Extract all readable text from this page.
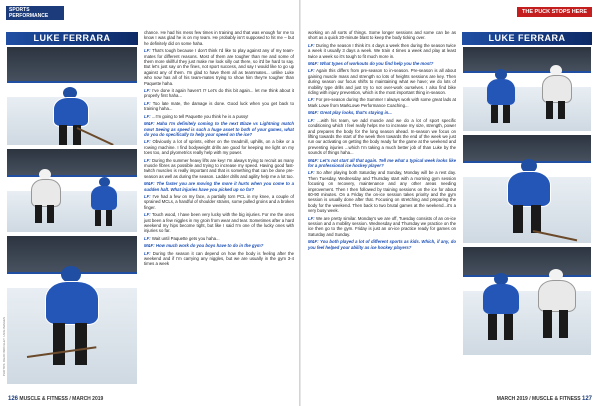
SPORTS PERFORMANCE
LUKE FERRARA

chance. He had his mess few times in training and that was enough for me to know I was glad he is on my team. He probably isn't supposed to hit me – but he definitely did on some haha.

LF: That's tough because I don't think I'd like to play against any of my team-mates for different reasons. Most of them are tougher than me and some of them more skillful they just make me look silly out there, so it'd be hard to say. But let's just say on the fines, not sport success, and say I would like to go up against any of them. I'm glad to have them all as teammates... unlike Luke who now has all of his team-mates trying to show him they're tougher than Paquette haha.

LF: I've done it again haven't I? Let's do this bit again... let me think about it properly first haha...

LF: Too late mate, the damage is done. Good luck when you get back to training haha...

LF: ...I'm going to tell Paquette you think he is a pussy!

M&F: Haha I'm definitely coming to the next Blaze vs Lightning match now! Seeing as speed is such a huge asset to both of your games, what do you do specifically to help your speed on the ice?

LF: Obviously a lot of sprints, either on the treadmill, uphills, on a bike or a rowing machine. I find bodyweight drills are good for keeping me light on my toes too, and plyometrics really help with my power.

LF: During the summer heavy lifts are key! I'm always trying to recruit as many muscle fibres as possible and trying to increase my speed. Having good fast-twitch muscles is really important and that is something that can be done pre-season as well as during the season. Ladder drills and agility help me a lot too.

M&F: The faster you are moving the more it hurts when you come to a sudden halt. What injuries have you picked up so far?

LF: I've had a few on my face, a partially torn PCL in my knee, a couple of sprained MCLs, a handful of shoulder strains, some pulled groins and a broken finger.

LF: Touch wood, I have been very lucky with the big injuries. For me the ones just been a few niggles in my groin from wear and tear. Sometimes after a hard weekend my hips become tight, but like I said I'm one of the lucky ones with injuries so far.

LF: Wait until Paquette gets you haha...

M&F: How much work do you boys have to do in the gym?

LF: During the season it can depend on how the body is feeling after the weekend and if I'm carrying any niggles, but we are usually in the gym 3-4 times a week

PHOTOS: DEAN WOOLLEY / ACE IMAGES
126 MUSCLE & FITNESS / MARCH 2019
THE PUCK STOPS HERE

working on all sorts of things. Some longer sessions and some can be as short as a quick 20-minute blast to keep the body ticking over.

LF: During the season I think it's 4 days a week then during the season twice a week it usually 3 days a week. We train 4 times a week and play at least twice a week so it's tough to fit much more in.

M&F: What types of workouts do you find help you the most?

LF: Again this differs from pre-season to in-season. Pre-season is all about gaining muscle mass and strength so lots of heights sessions are key. Then during season our focus shifts to maintaining what we have; we do lots of mobility type drills and just try to not over-work ourselves. I also find bike riding with injury prevention, which is the most important thing in-season.

LF: For pre-season during the Summer I always work with some great lads at Mark Lowe from MarkLowe Performance Coaching...

M&F: Great play looks, that's staying in...

LF: ...with his team, we add muscle and we do a lot of sport specific conditioning which I feel really helps me to increase my size, strength, power and prepares the body for the long season ahead. In-season we focus on lifting towards the start of the week then towards the end of the week we just run our activating on getting the body ready for the game at the weekend and preventing injuries ...which I'm taking a much better job of than Luke by the sounds of things haha...

M&F: Let's not start all that again. Tell me what a typical week looks like for a professional ice hockey player?

LF: So after playing both Saturday and Sunday, Monday will be a rest day. Then Tuesday, Wednesday and Thursday start with a morning gym session focusing on recovery, maintenance and any other areas needing improvement. Then I then followed by training sessions on the ice for about 60-90 minutes. On a Friday the on-ice session takes priority and the gym session is usually done after that. Focusing on stretching and preparing the body for the weekend. Then back to two brutal games at the weekend...it's a very busy week.

LF: We are pretty similar. Monday's we are off, Tuesday consists of an on-ice session and a mobility session. Wednesday and Thursday we practice on the ice then go to the gym. Friday is just an on-ice practice ready for games on Saturday and Sunday.

M&F: You both played a lot of different sports as kids. Which, if any, do you feel helped your ability as ice hockey players?

LUKE FERRARA
MARCH 2019 / MUSCLE & FITNESS 127
